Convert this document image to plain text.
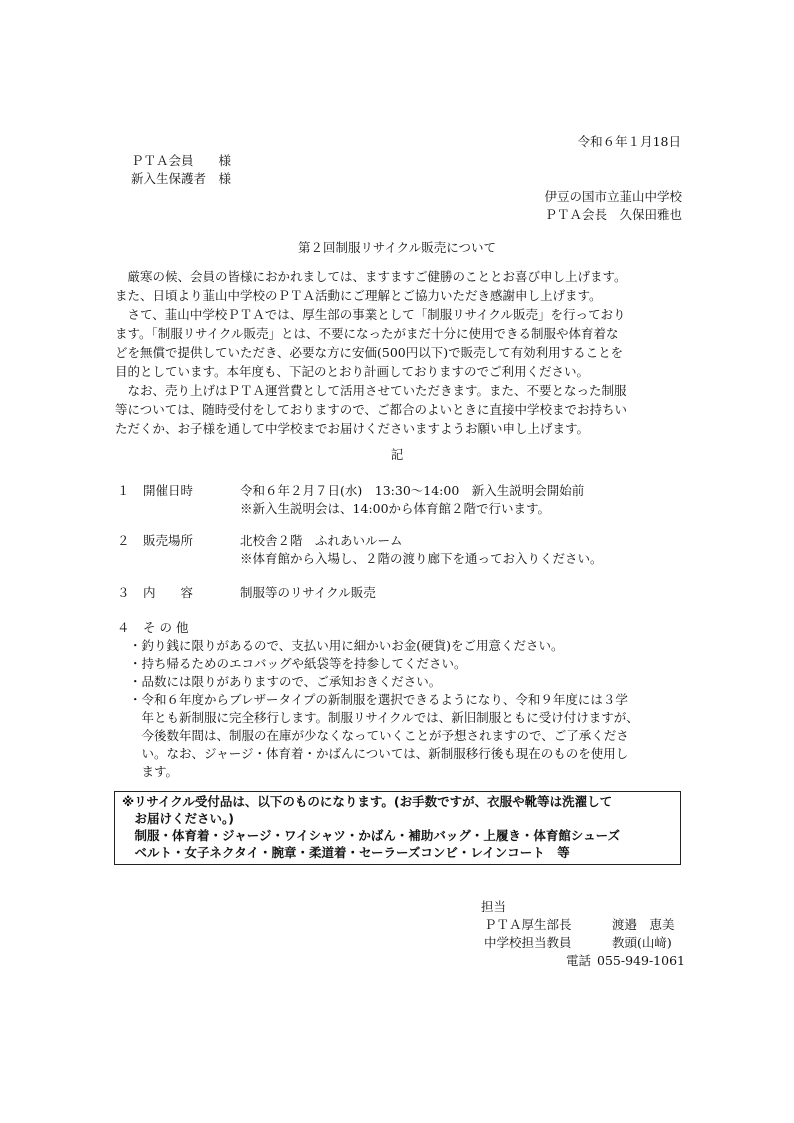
令和６年１月18日
ＰＴＡ会員　　様
新入生保護者　様
伊豆の国市立韮山中学校
ＰＴＡ会長　久保田雅也
第２回制服リサイクル販売について
　厳寒の候、会員の皆様におかれましては、ますますご健勝のこととお喜び申し上げます。
また、日頃より韮山中学校のＰＴＡ活動にご理解とご協力いただき感謝申し上げます。
　さて、韮山中学校ＰＴＡでは、厚生部の事業として「制服リサイクル販売」を行っており
ます。「制服リサイクル販売」とは、不要になったがまだ十分に使用できる制服や体育着な
どを無償で提供していただき、必要な方に安価(500円以下)で販売して有効利用することを
目的としています。本年度も、下記のとおり計画しておりますのでご利用ください。
　なお、売り上げはＰＴＡ運営費として活用させていただきます。また、不要となった制服
等については、随時受付をしておりますので、ご都合のよいときに直接中学校までお持ちい
ただくか、お子様を通して中学校までお届けくださいますようお願い申し上げます。
記
１ 開催日時	令和６年２月７日(水)　13:30～14:00　新入生説明会開始前
※新入生説明会は、14:00から体育館２階で行います。
２ 販売場所	北校舎２階　ふれあいルーム
※体育館から入場し、２階の渡り廊下を通ってお入りください。
３ 内　　容	制服等のリサイクル販売
４ そ の 他
・釣り銭に限りがあるので、支払い用に細かいお金(硬貨)をご用意ください。
・持ち帰るためのエコバッグや紙袋等を持参してください。
・品数には限りがありますので、ご承知おきください。
・令和６年度からブレザータイプの新制服を選択できるようになり、令和９年度には３学
　年とも新制服に完全移行します。制服リサイクルでは、新旧制服ともに受け付けますが、
　今後数年間は、制服の在庫が少なくなっていくことが予想されますので、ご了承くださ
　い。なお、ジャージ・体育着・かばんについては、新制服移行後も現在のものを使用し
　ます。
※リサイクル受付品は、以下のものになります。(お手数ですが、衣服や靴等は洗濯して
　お届けください。)
　制服・体育着・ジャージ・ワイシャツ・かばん・補助バッグ・上履き・体育館シューズ
　ベルト・女子ネクタイ・腕章・柔道着・セーラーズコンビ・レインコート　等
担当
ＰＴＡ厚生部長	渡邉　恵美
中学校担当教員	教頭(山﨑)
電話 055-949-1061
